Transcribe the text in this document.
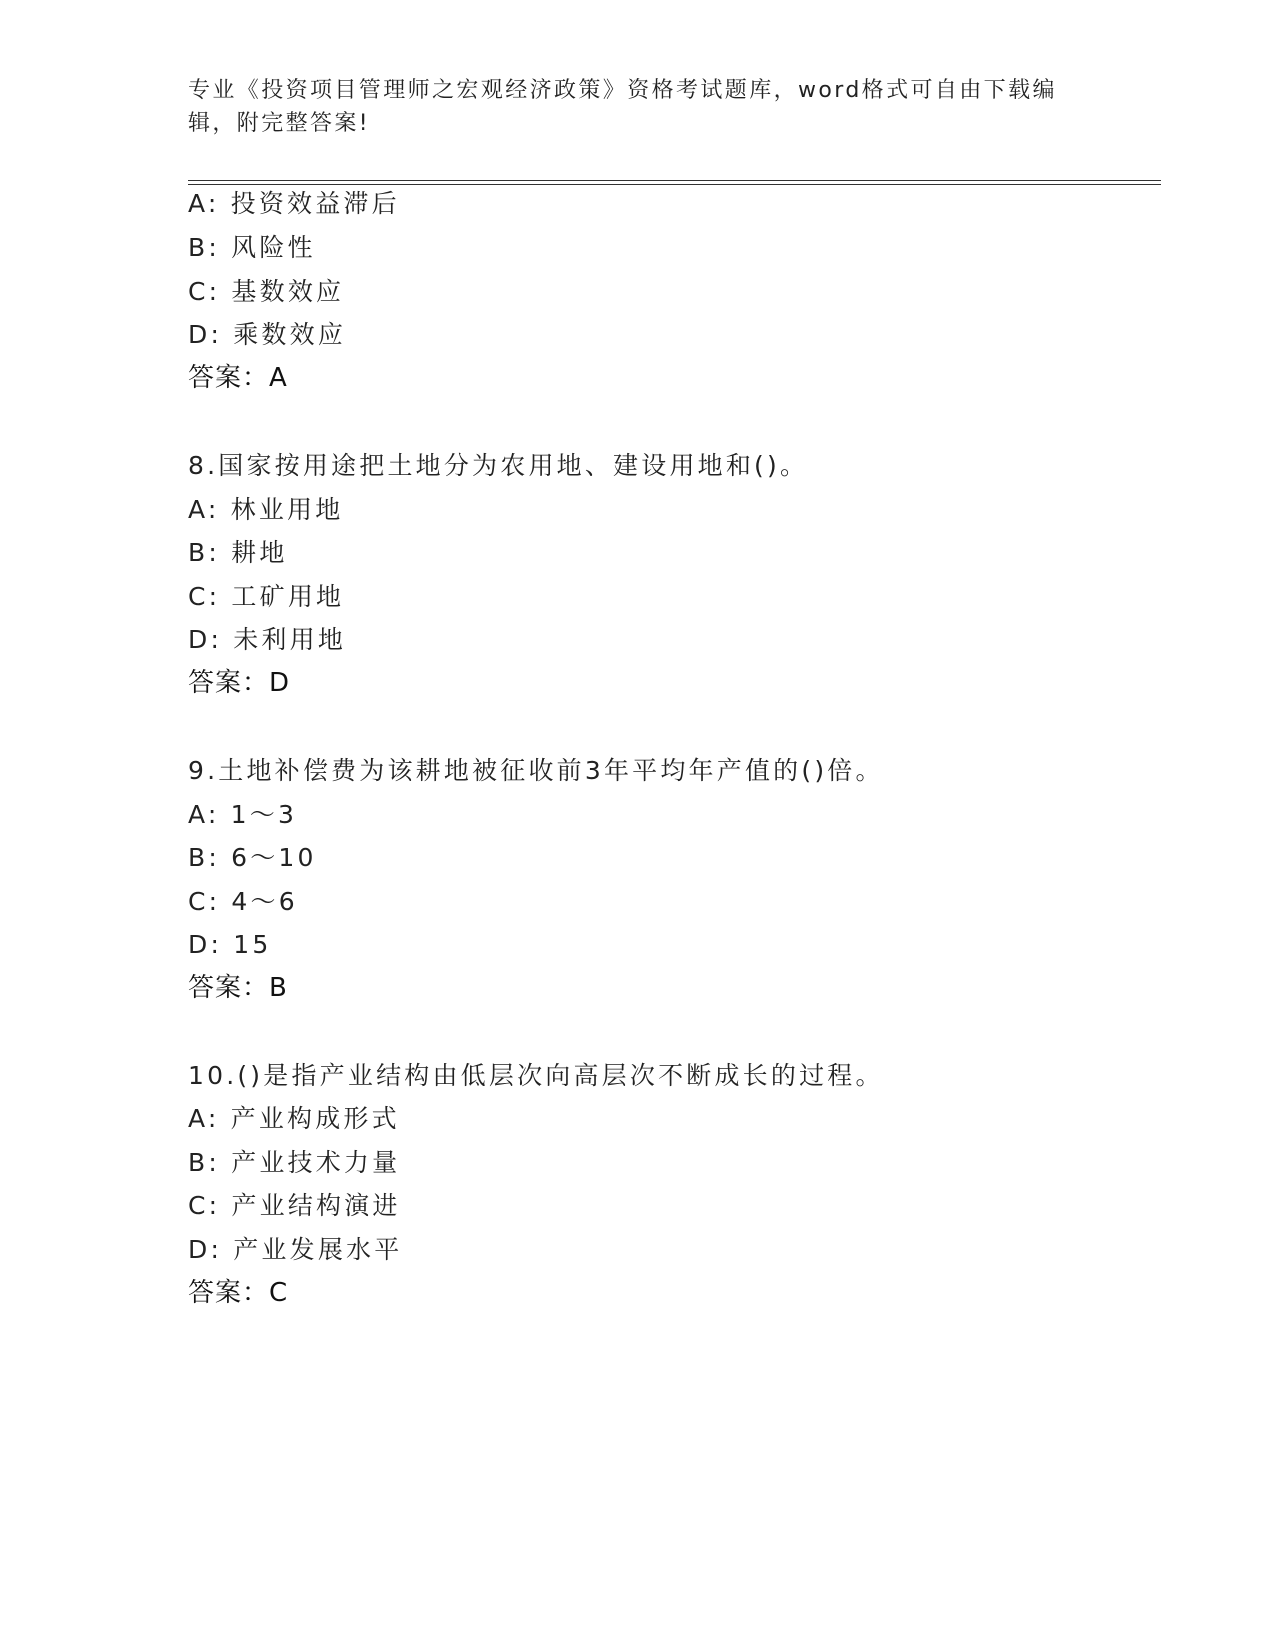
专业《投资项目管理师之宏观经济政策》资格考试题库，word格式可自由下载编辑，附完整答案!
A: 投资效益滞后
B: 风险性
C: 基数效应
D: 乘数效应
答案：A
8.国家按用途把土地分为农用地、建设用地和()。
A: 林业用地
B: 耕地
C: 工矿用地
D: 未利用地
答案：D
9.土地补偿费为该耕地被征收前3年平均年产值的()倍。
A: 1～3
B: 6～10
C: 4～6
D: 15
答案：B
10.()是指产业结构由低层次向高层次不断成长的过程。
A: 产业构成形式
B: 产业技术力量
C: 产业结构演进
D: 产业发展水平
答案：C
